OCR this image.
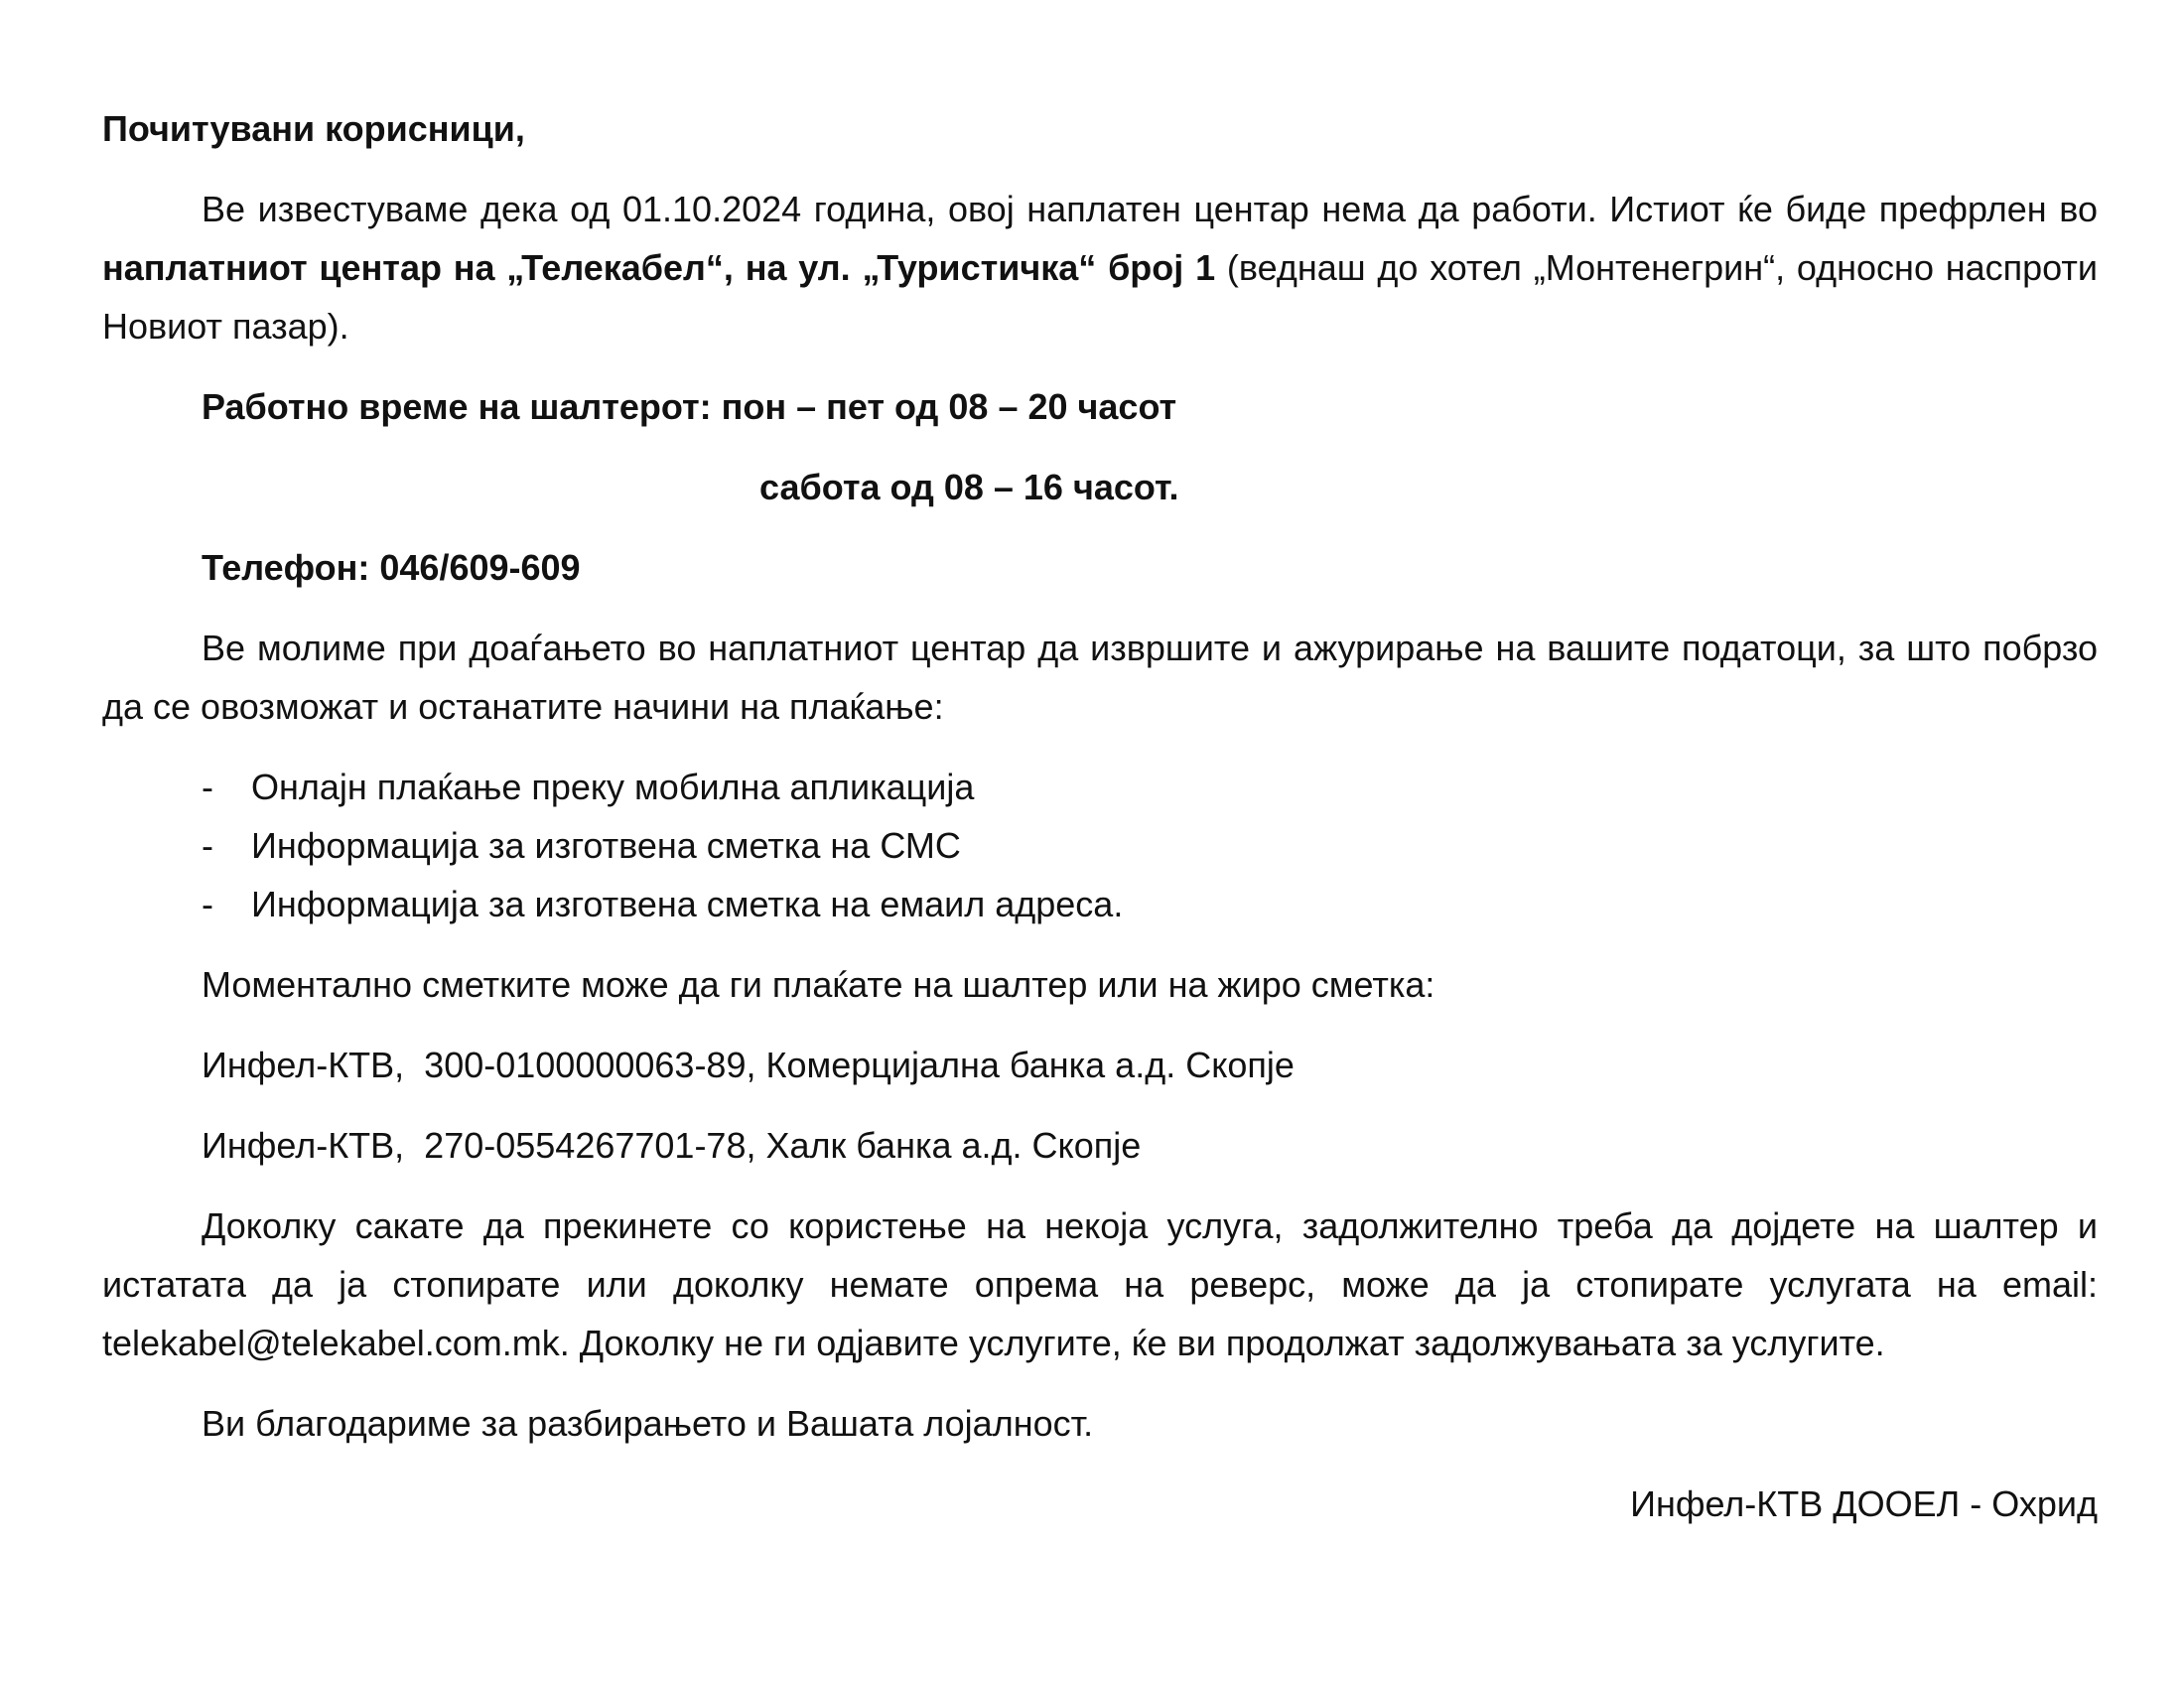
Почитувани корисници,

Ве известуваме дека од 01.10.2024 година, овој наплатен центар нема да работи. Истиот ќе биде префрлен во наплатниот центар на „Телекабел“, на ул. „Туристичка“ број 1 (веднаш до хотел „Монтенегрин“, односно наспроти Новиот пазар).

Работно време на шалтерот: пон – пет од 08 – 20 часот

сабота од 08 – 16 часот.

Телефон: 046/609-609

Ве молиме при доаѓањето во наплатниот центар да извршите и ажурирање на вашите податоци, за што побрзо да се овозможат и останатите начини на плаќање:

- Онлајн плаќање преку мобилна апликација
- Информација за изготвена сметка на СМС
- Информација за изготвена сметка на емаил адреса.

Моментално сметките може да ги плаќате на шалтер или на жиро сметка:

Инфел-КТВ,  300-0100000063-89, Комерцијална банка а.д. Скопје

Инфел-КТВ,  270-0554267701-78, Халк банка а.д. Скопје

Доколку сакате да прекинете со користење на некоја услуга, задолжително треба да дојдете на шалтер и истатата да ја стопирате или доколку немате опрема на реверс, може да ја стопирате услугата на email: telekabel@telekabel.com.mk. Доколку не ги одјавите услугите, ќе ви продолжат задолжувањата за услугите.

Ви благодариме за разбирањето и Вашата лојалност.

Инфел-КТВ ДООЕЛ - Охрид
